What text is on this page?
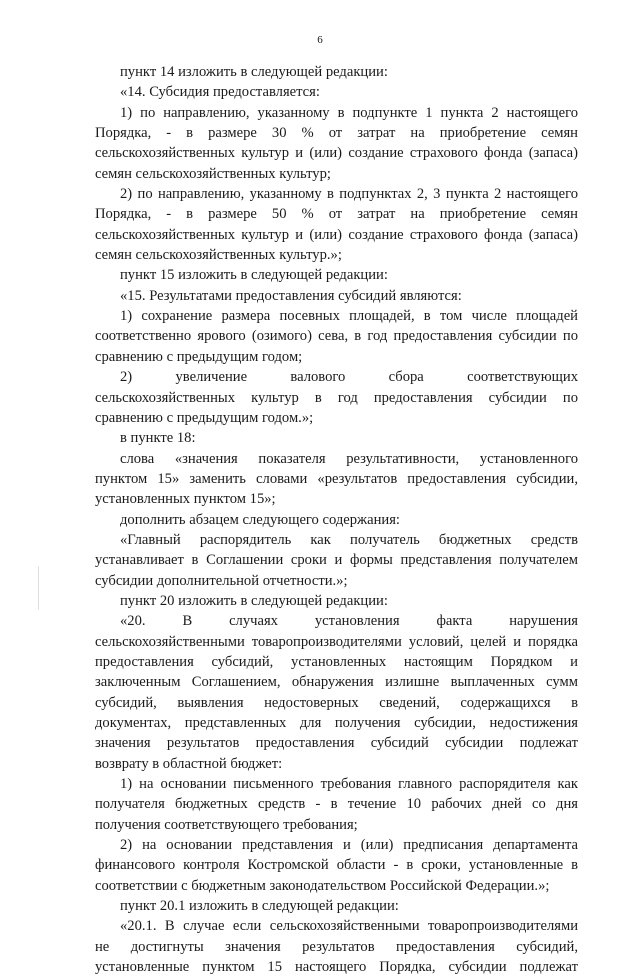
6
пункт 14 изложить в следующей редакции:
«14. Субсидия предоставляется:
1) по направлению, указанному в подпункте 1 пункта 2 настоящего
Порядка, - в размере 30 % от затрат на приобретение семян
сельскохозяйственных культур и (или) создание страхового фонда (запаса)
семян сельскохозяйственных культур;
2) по направлению, указанному в подпунктах 2, 3 пункта 2 настоящего
Порядка, - в размере 50 % от затрат на приобретение семян
сельскохозяйственных культур и (или) создание страхового фонда (запаса)
семян сельскохозяйственных культур.»;
пункт 15 изложить в следующей редакции:
«15. Результатами предоставления субсидий являются:
1) сохранение размера посевных площадей, в том числе площадей
соответственно ярового (озимого) сева, в год предоставления субсидии по
сравнению с предыдущим годом;
2) увеличение валового сбора соответствующих
сельскохозяйственных культур в год предоставления субсидии по
сравнению с предыдущим годом.»;
в пункте 18:
слова «значения показателя результативности, установленного
пунктом 15» заменить словами «результатов предоставления субсидии,
установленных пунктом 15»;
дополнить абзацем следующего содержания:
«Главный распорядитель как получатель бюджетных средств
устанавливает в Соглашении сроки и формы представления получателем
субсидии дополнительной отчетности.»;
пункт 20 изложить в следующей редакции:
«20. В случаях установления факта нарушения
сельскохозяйственными товаропроизводителями условий, целей и порядка
предоставления субсидий, установленных настоящим Порядком и
заключенным Соглашением, обнаружения излишне выплаченных сумм
субсидий, выявления недостоверных сведений, содержащихся в
документах, представленных для получения субсидии, недостижения
значения результатов предоставления субсидий субсидии подлежат
возврату в областной бюджет:
1) на основании письменного требования главного распорядителя как
получателя бюджетных средств - в течение 10 рабочих дней со дня
получения соответствующего требования;
2) на основании представления и (или) предписания департамента
финансового контроля Костромской области - в сроки, установленные в
соответствии с бюджетным законодательством Российской Федерации.»;
пункт 20.1 изложить в следующей редакции:
«20.1. В случае если сельскохозяйственными товаропроизводителями
не достигнуты значения результатов предоставления субсидий,
установленные пунктом 15 настоящего Порядка, субсидии подлежат
